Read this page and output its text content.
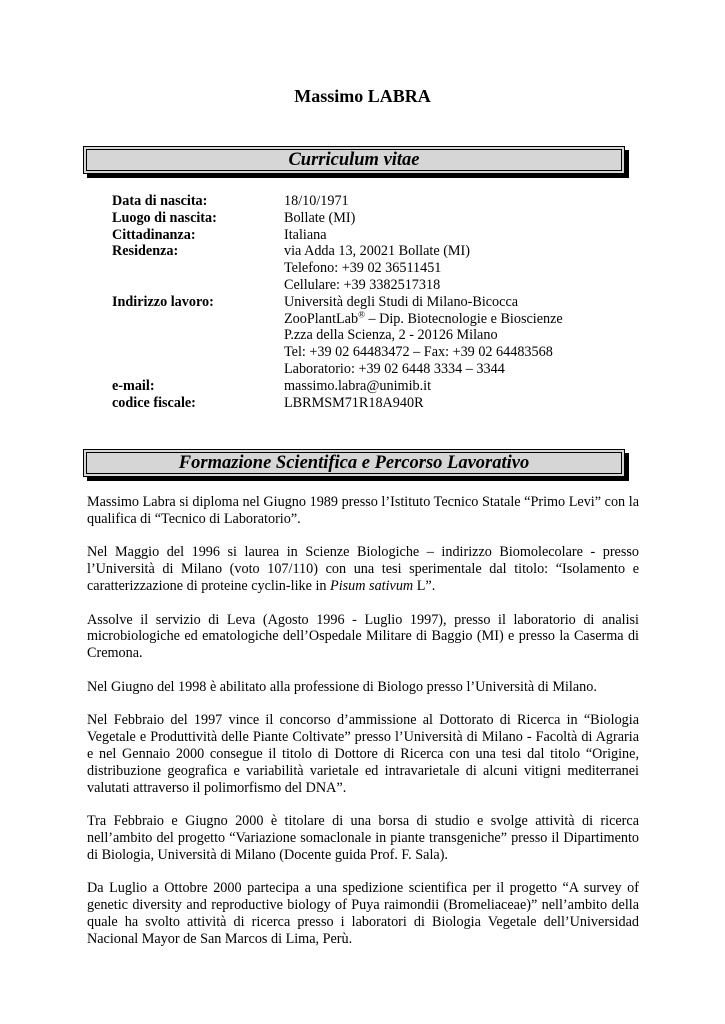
Massimo LABRA
Curriculum vitae
Data di nascita:	18/10/1971
Luogo di nascita:	Bollate (MI)
Cittadinanza:	Italiana
Residenza:	via Adda 13, 20021 Bollate (MI)
Telefono: +39 02 36511451
Cellulare: +39 3382517318
Indirizzo lavoro:	Università degli Studi di Milano-Bicocca
ZooPlantLab® – Dip. Biotecnologie e Bioscienze
P.zza della Scienza, 2 - 20126 Milano
Tel: +39 02 64483472 – Fax: +39 02 64483568
Laboratorio: +39 02 6448 3334 – 3344
e-mail:	massimo.labra@unimib.it
codice fiscale:	LBRMSM71R18A940R
Formazione Scientifica e Percorso Lavorativo

Massimo Labra si diploma nel Giugno 1989 presso l’Istituto Tecnico Statale “Primo Levi” con la qualifica di “Tecnico di Laboratorio”.

Nel Maggio del 1996 si laurea in Scienze Biologiche – indirizzo Biomolecolare - presso l’Università di Milano (voto 107/110) con una tesi sperimentale dal titolo: “Isolamento e caratterizzazione di proteine cyclin-like in Pisum sativum L”.

Assolve il servizio di Leva (Agosto 1996 - Luglio 1997), presso il laboratorio di analisi microbiologiche ed ematologiche dell’Ospedale Militare di Baggio (MI) e presso la Caserma di Cremona.

Nel Giugno del 1998 è abilitato alla professione di Biologo presso l’Università di Milano.

Nel Febbraio del 1997 vince il concorso d’ammissione al Dottorato di Ricerca in “Biologia Vegetale e Produttività delle Piante Coltivate” presso l’Università di Milano - Facoltà di Agraria e nel Gennaio 2000 consegue il titolo di Dottore di Ricerca con una tesi dal titolo “Origine, distribuzione geografica e variabilità varietale ed intravarietale di alcuni vitigni mediterranei valutati attraverso il polimorfismo del DNA”.

Tra Febbraio e Giugno 2000 è titolare di una borsa di studio e svolge attività di ricerca nell’ambito del progetto “Variazione somaclonale in piante transgeniche” presso il Dipartimento di Biologia, Università di Milano (Docente guida Prof. F. Sala).

Da Luglio a Ottobre 2000 partecipa a una spedizione scientifica per il progetto “A survey of genetic diversity and reproductive biology of Puya raimondii (Bromeliaceae)” nell’ambito della quale ha svolto attività di ricerca presso i laboratori di Biologia Vegetale dell’Universidad Nacional Mayor de San Marcos di Lima, Perù.
